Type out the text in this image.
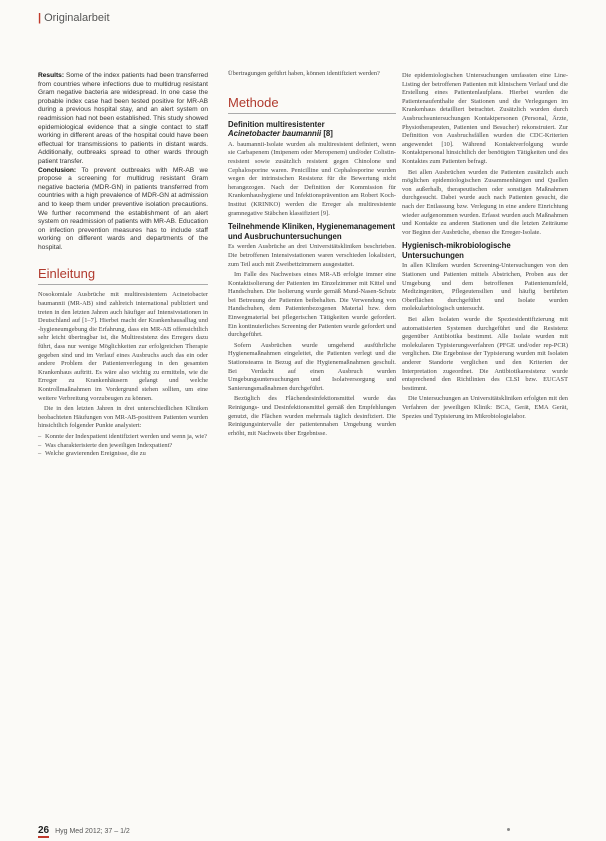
| Originalarbeit

Results: Some of the index patients had been transferred from countries where infections due to multidrug resistant Gram negative bacteria are widespread. In one case the probable index case had been tested positive for MR-AB during a previous hospital stay, and an alert system on readmission had not been established. This study showed epidemiological evidence that a single contact to staff working in different areas of the hospital could have been effectual for transmissions to patients in distant wards. Additionally, outbreaks spread to other wards through patient transfer.

Conclusion: To prevent outbreaks with MR-AB we propose a screening for multidrug resistant Gram negative bacteria (MDR-GN) in patients transferred from countries with a high prevalence of MDR-GN at admission and to keep them under preventive isolation precautions. We further recommend the establishment of an alert system on readmission of patients with MR-AB. Education on infection prevention measures has to include staff working on different wards and departments of the hospital.

Einleitung

Nosokomiale Ausbrüche mit multiresistentem Acinetobacter baumannii (MR-AB) sind zahlreich international publiziert und treten in den letzten Jahren auch häufiger auf Intensivstationen in Deutschland auf [1–7]. Hierbei macht der Krankenhausalltag und -hygieneumgebung die Erfahrung, dass ein MR-AB offensichtlich sehr leicht übertragbar ist, die Multiresistenz des Erregers dazu führt, dass nur wenige Möglichkeiten zur erfolgreichen Therapie gegeben sind und im Verlauf eines Ausbruchs auch das ein oder andere Problem der Patientenverlegung in den gesamten Krankenhaus auftritt. Es wäre also wichtig zu ermitteln, wie die Erreger zu Krankenhäusern gelangt und welche Kontrollmaßnahmen im Vordergrund stehen sollten, um eine weitere Verbreitung vorzubeugen zu können.

Die in den letzten Jahren in drei unterschiedlichen Kliniken beobachteten Häufungen von MR-AB-positiven Patienten wurden hinsichtlich folgender Punkte analysiert:

– Konnte der Indexpatient identifiziert werden und wenn ja, wie?
– Was charakterisierte den jeweiligen Indexpatient?
– Welche gravierenden Ereignisse, die zu

Übertragungen geführt haben, können identifiziert werden?

Methode
Definition multiresistenter
Acinetobacter baumannii [8]

A. baumannii-Isolate wurden als multiresistent definiert, wenn sie Carbapenem (Imipenem oder Meropenem) und/oder Colistin-resistent sowie zusätzlich resistent gegen Chinolone und Cephalosporine waren. Penicilline und Cephalosporine wurden wegen der intrinsischen Resistenz für die Bewertung nicht herangezogen. Nach der Definition der Kommission für Krankenhaushygiene und Infektionsprävention am Robert Koch-Institut (KRINKO) werden die Erreger als multiresistente gramnegative Stäbchen klassifiziert [9].

Teilnehmende Kliniken, Hygienemanagement und Ausbruchuntersuchungen

Es werden Ausbrüche an drei Universitätskliniken beschrieben. Die betroffenen Intensivstationen waren verschieden lokalisiert, zum Teil auch mit Zweibettzimmern ausgestattet.

Im Falle des Nachweises eines MR-AB erfolgte immer eine Kontaktisolierung der Patienten im Einzelzimmer mit Kittel und Handschuhen. Die Isolierung wurde gemäß Mund-Nasen-Schutz bei Betreuung der Patienten beibehalten. Die Verwendung von Handschuhen, dem Patientenbezogenen Material bzw. dem Einwegmaterial bei pflegerischen Tätigkeiten wurde gefordert. Ein kontinuierliches Screening der Patienten wurde gefordert und durchgeführt.

Sofern Ausbrüchen wurde umgehend ausführliche Hygienemaßnahmen eingeleitet, die Patienten verlegt und die Stationsteams in Bezug auf die Hygienemaßnahmen geschult. Bei Verdacht auf einen Ausbruch wurden Umgebungsuntersuchungen und Isolatversorgung und Sanierungsmaßnahmen durchgeführt.

Bezüglich des Flächendesinfektionsmittel wurde das Reinigungs- und Desinfektionsmittel gemäß den Empfehlungen genutzt, die Flächen wurden mehrmals täglich desinfiziert. Die Reinigungsintervalle der patientennahen Umgebung wurden erhöht, mit Nachweis über Ergebnisse.

Die epidemiologischen Untersuchungen umfassten eine Line-Listing der betroffenen Patienten mit klinischem Verlauf und die Erstellung eines Patientenlaufplans. Hierbei wurden die Patientenaufenthalte der Stationen und die Verlegungen im Krankenhaus detailliert betrachtet. Zusätzlich wurden durch Ausbruchsuntersuchungen Kontaktpersonen (Personal, Ärzte, Physiotherapeuten, Patienten und Besucher) rekonstruiert. Zur Definition von Ausbruchsfällen wurden die CDC-Kriterien angewendet [10]. Während Kontaktverfolgung wurde Kontaktpersonal hinsichtlich der benötigten Tätigkeiten und des Kontaktes zum Patienten befragt.

Bei allen Ausbrüchen wurden die Patienten zusätzlich auch möglichen epidemiologischen Zusammenhängen und Quellen von außerhalb, therapeutischen oder sonstigen Maßnahmen durchgesucht. Dabei wurde auch nach Patienten gesucht, die nach der Entlassung bzw. Verlegung in eine andere Einrichtung wieder aufgenommen wurden. Erfasst wurden auch Maßnahmen und Kontakte zu anderen Stationen und die letzten Zeiträume vor Beginn der Ausbrüche, ebenso die Erreger-Isolate.

Hygienisch-mikrobiologische Untersuchungen

In allen Kliniken wurden Screening-Untersuchungen von den Stationen und Patienten mittels Abstrichen, Proben aus der Umgebung und dem betroffenen Patientenumfeld, Medizingeräten, Pflegeutensilien und häufig berührten Oberflächen durchgeführt und Isolate wurden molekularbiologisch untersucht.

Bei allen Isolaten wurde die Speziesidentifizierung mit automatisierten Systemen durchgeführt und die Resistenz gegenüber Antibiotika bestimmt. Alle Isolate wurden mit molekularen Typisierungsverfahren (PFGE und/oder rep-PCR) verglichen. Die Ergebnisse der Typisierung wurden mit Isolaten anderer Standorte verglichen und den Kriterien der Interpretation zugeordnet. Die Antibiotikaresistenz wurde entsprechend den Richtlinien des CLSI bzw. EUCAST bestimmt.

Die Untersuchungen an Universitätskliniken erfolgten mit den Verfahren der jeweiligen Klinik: BCA, Gerät, EMA Gerät, Spezies und Typisierung im Mikrobiologielabor.

26 Hyg Med 2012; 37 – 1/2
